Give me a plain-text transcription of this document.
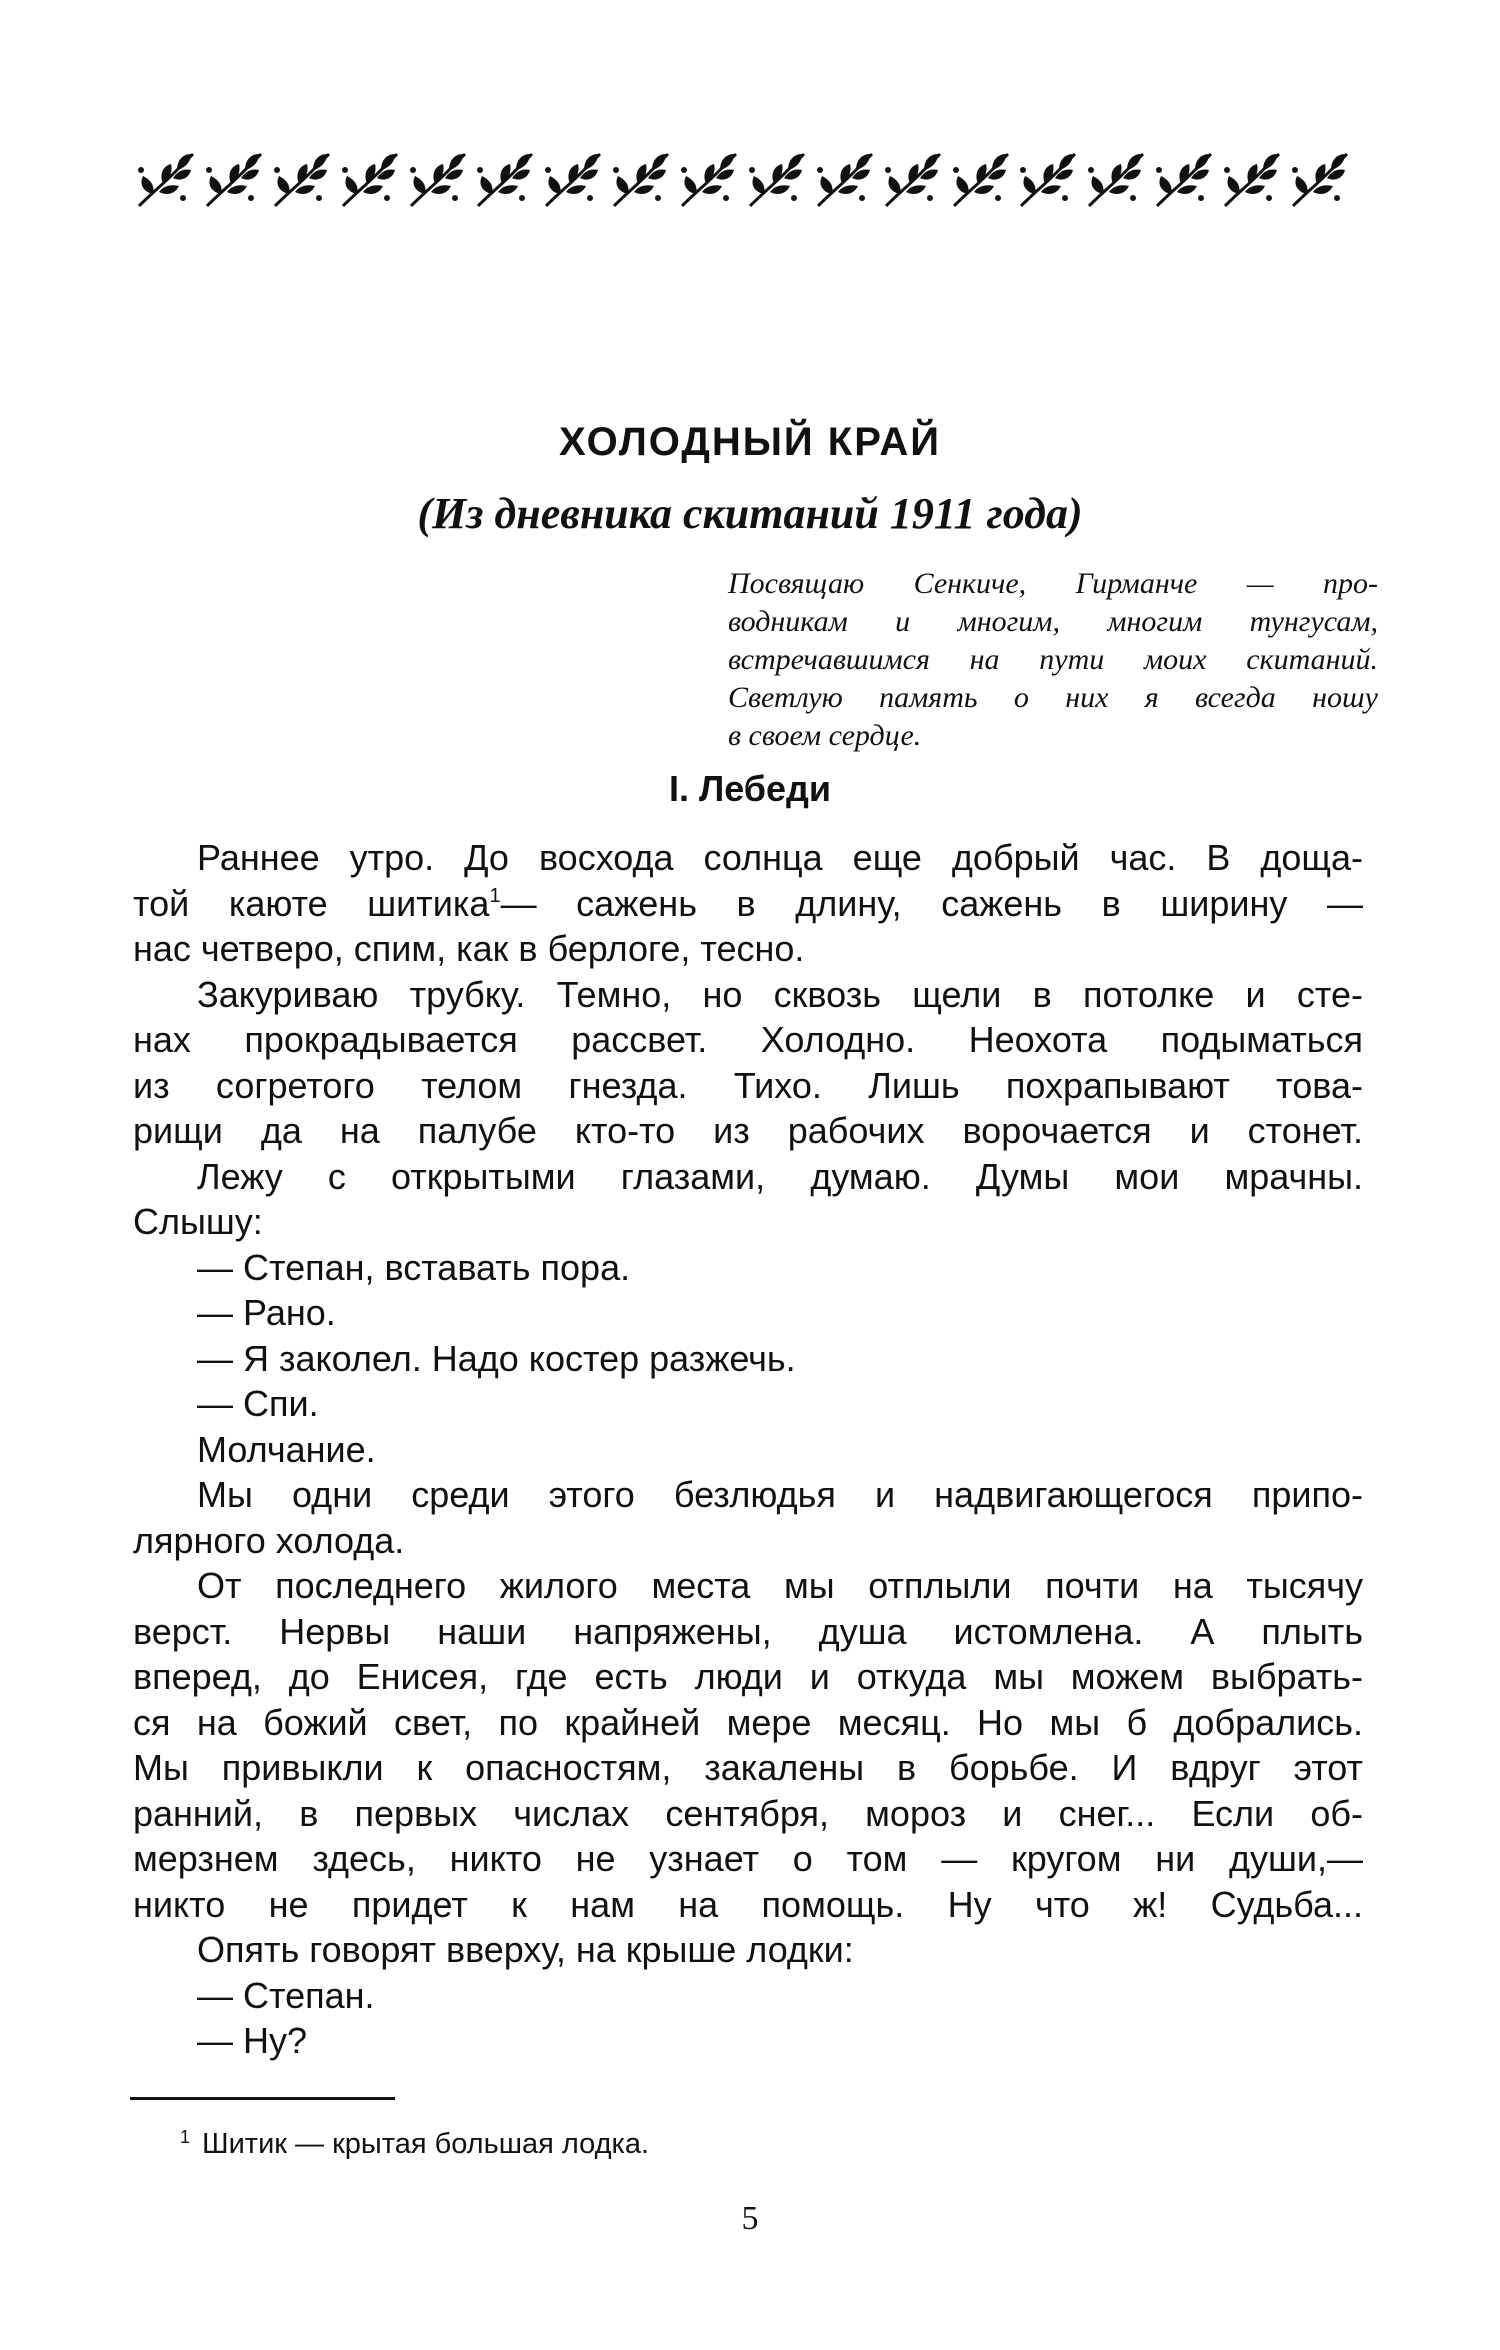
ХОЛОДНЫЙ КРАЙ
(Из дневника скитаний 1911 года)
Посвящаю Сенкиче, Гирманче — про-
водникам и многим, многим тунгусам,
встречавшимся на пути моих скитаний.
Светлую память о них я всегда ношу
в своем сердце.
I. Лебеди
Раннее утро. До восхода солнца еще добрый час. В доща-
той каюте шитика$^1$— сажень в длину, сажень в ширину —
нас четверо, спим, как в берлоге, тесно.
Закуриваю трубку. Темно, но сквозь щели в потолке и сте-
нах прокрадывается рассвет. Холодно. Неохота подыматься
из согретого телом гнезда. Тихо. Лишь похрапывают това-
рищи да на палубе кто-то из рабочих ворочается и стонет.
Лежу с открытыми глазами, думаю. Думы мои мрачны.
Слышу:
— Степан, вставать пора.
— Рано.
— Я заколел. Надо костер разжечь.
— Спи.
Молчание.
Мы одни среди этого безлюдья и надвигающегося припо-
лярного холода.
От последнего жилого места мы отплыли почти на тысячу
верст. Нервы наши напряжены, душа истомлена. А плыть
вперед, до Енисея, где есть люди и откуда мы можем выбрать-
ся на божий свет, по крайней мере месяц. Но мы б добрались.
Мы привыкли к опасностям, закалены в борьбе. И вдруг этот
ранний, в первых числах сентября, мороз и снег... Если об-
мерзнем здесь, никто не узнает о том — кругом ни души,—
никто не придет к нам на помощь. Ну что ж! Судьба...
Опять говорят вверху, на крыше лодки:
— Степан.
— Ну?
$^1$ Шитик — крытая большая лодка.
5
